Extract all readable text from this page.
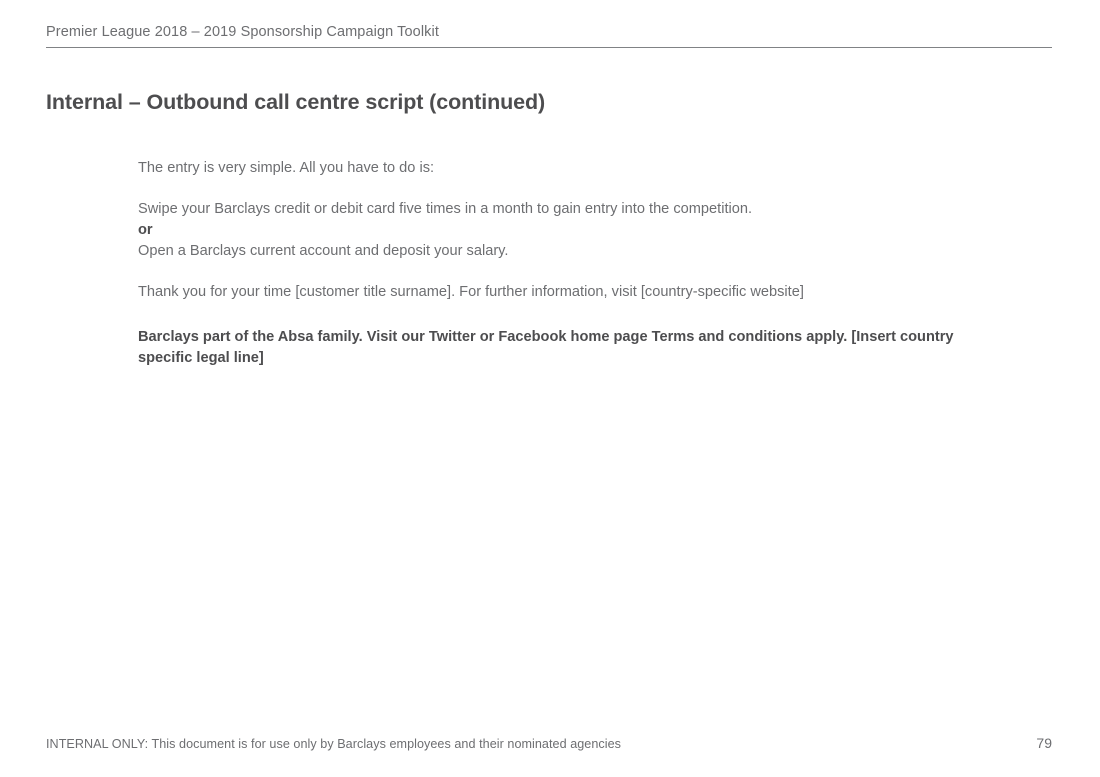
Premier League 2018 – 2019 Sponsorship Campaign Toolkit
Internal – Outbound call centre script (continued)

The entry is very simple. All you have to do is:

Swipe your Barclays credit or debit card five times in a month to gain entry into the competition.
or
Open a Barclays current account and deposit your salary.

Thank you for your time [customer title surname]. For further information, visit [country-specific website]

Barclays part of the Absa family. Visit our Twitter or Facebook home page Terms and conditions apply. [Insert country specific legal line]
INTERNAL ONLY: This document is for use only by Barclays employees and their nominated agencies	79
